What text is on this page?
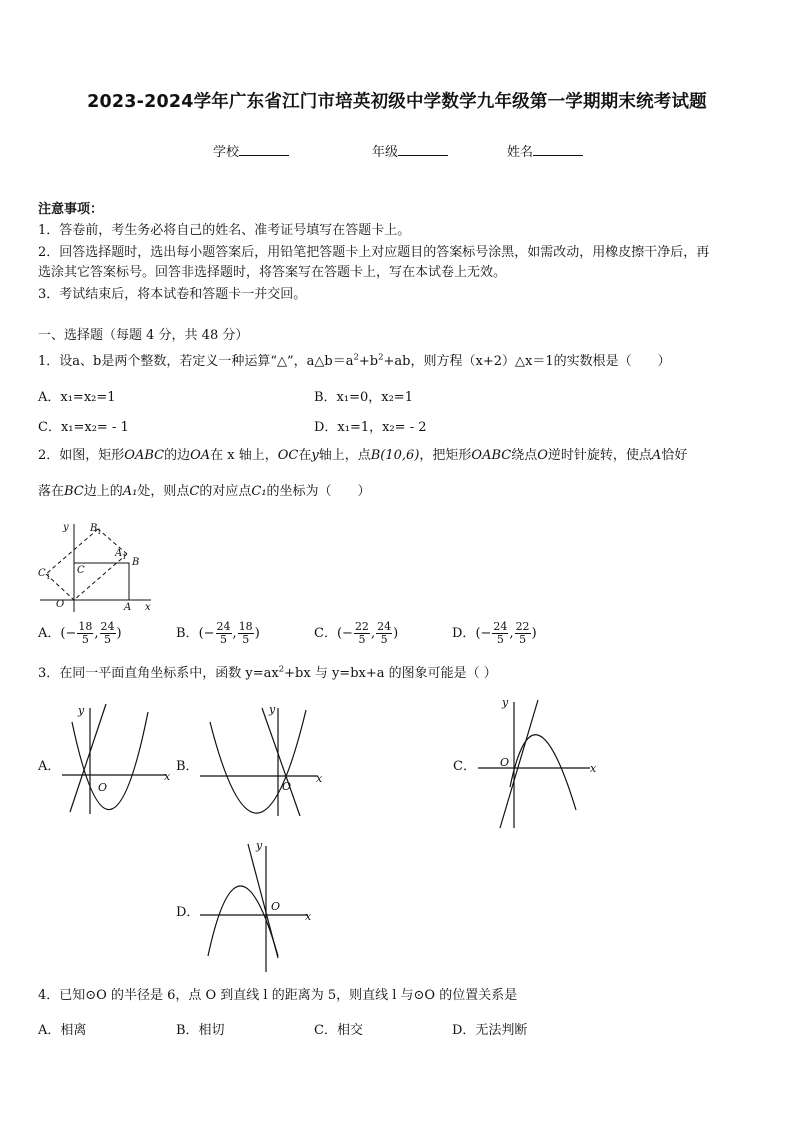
2023-2024学年广东省江门市培英初级中学数学九年级第一学期期末统考试题
学校	年级	姓名
注意事项：
1．答卷前，考生务必将自己的姓名、准考证号填写在答题卡上。
2．回答选择题时，选出每小题答案后，用铅笔把答题卡上对应题目的答案标号涂黑，如需改动，用橡皮擦干净后，再
选涂其它答案标号。回答非选择题时，将答案写在答题卡上，写在本试卷上无效。
3．考试结束后，将本试卷和答题卡一并交回。
一、选择题（每题 4 分，共 48 分）
1．设a、b是两个整数，若定义一种运算“△”，$a\triangle b=a^2+b^2+ab$，则方程（x+2）△x＝1的实数根是（　　）
A．x₁=x₂=1	B．x₁=0，x₂=1
C．x₁=x₂= - 1	D．x₁=1，x₂= - 2
2．如图，矩形OABC的边OA在 x 轴上，OC在y轴上，点B(10,6)，把矩形OABC绕点O逆时针旋转，使点A恰好
落在BC边上的A₁处，则点C的对应点C₁的坐标为（　　）
y
x
O	A
B
C
A
B
C
1
1
1
A．(− $\frac{18}{5}$ , $\frac{24}{5}$ )	B．(− $\frac{24}{5}$ , $\frac{18}{5}$ )	C．(− $\frac{22}{5}$ , $\frac{24}{5}$ )	D．(− $\frac{24}{5}$ , $\frac{22}{5}$ )
3．在同一平面直角坐标系中，函数 $y=ax^2+bx$ 与 y=bx+a 的图象可能是（ ）
A．
y
x
O
B．
y
x
O
C．
y
x
O
D．
y
x
O
4．已知⊙O 的半径是 6，点 O 到直线 l 的距离为 5，则直线 l 与⊙O 的位置关系是
A．相离	B．相切	C．相交	D．无法判断
